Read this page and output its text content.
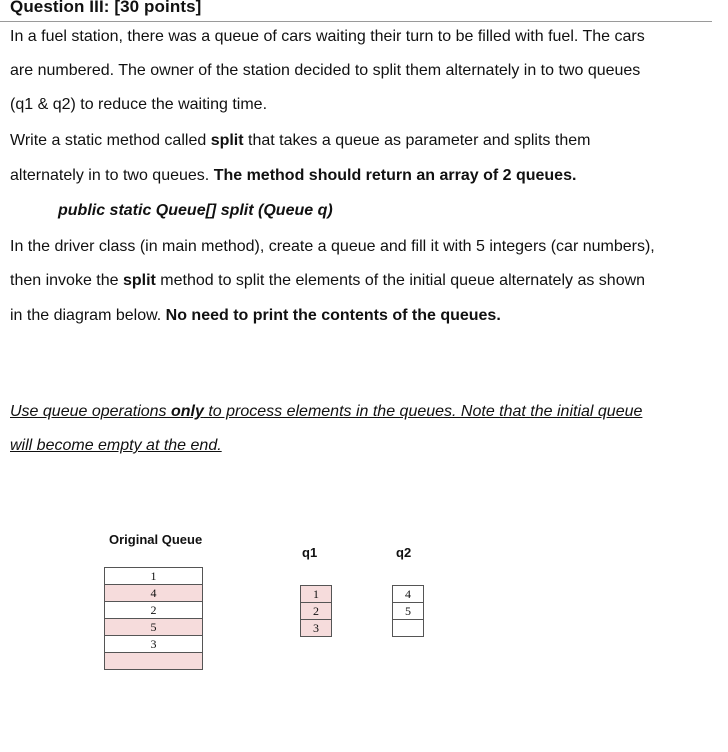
Question III: [30 points]
In a fuel station, there was a queue of cars waiting their turn to be filled with fuel. The cars
are numbered. The owner of the station decided to split them alternately in to two queues
(q1 & q2) to reduce the waiting time.
Write a static method called split that takes a queue as parameter and splits them
alternately in to two queues. The method should return an array of 2 queues.
public static Queue[] split (Queue q)
In the driver class (in main method), create a queue and fill it with 5 integers (car numbers),
then invoke the split method to split the elements of the initial queue alternately as shown
in the diagram below. No need to print the contents of the queues.
Use queue operations only to process elements in the queues. Note that the initial queue
will become empty at the end.
Original Queue
q1	q2
1
4
2
5
3

1
2
3
4
5
